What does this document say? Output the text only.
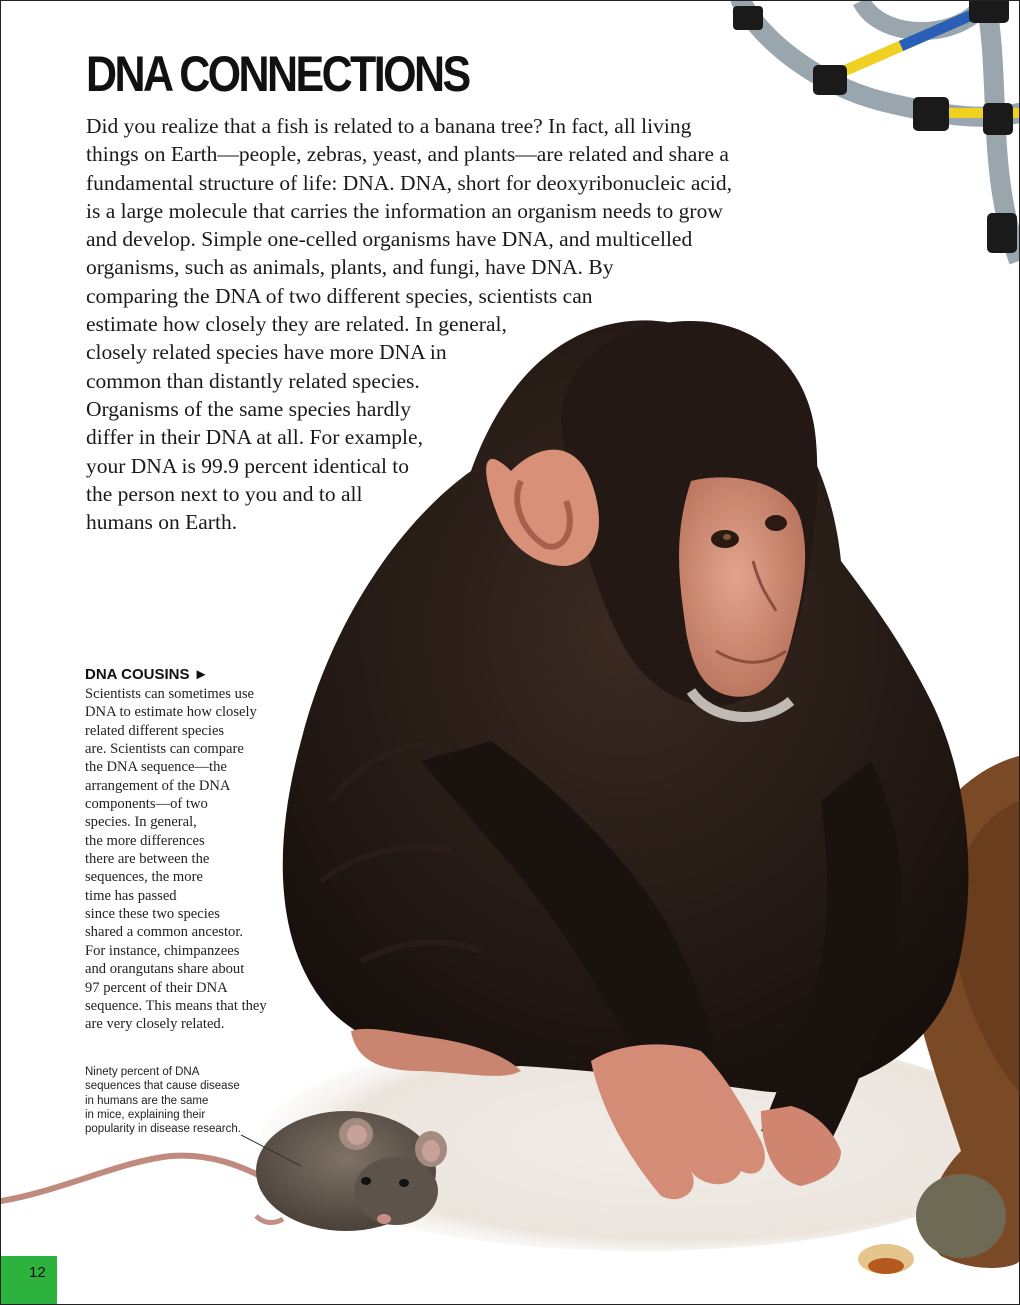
DNA CONNECTIONS
Did you realize that a fish is related to a banana tree? In fact, all living
things on Earth—people, zebras, yeast, and plants—are related and share a
fundamental structure of life: DNA. DNA, short for deoxyribonucleic acid,
is a large molecule that carries the information an organism needs to grow
and develop. Simple one-celled organisms have DNA, and multicelled
organisms, such as animals, plants, and fungi, have DNA. By
comparing the DNA of two different species, scientists can
estimate how closely they are related. In general,
closely related species have more DNA in
common than distantly related species.
Organisms of the same species hardly
differ in their DNA at all. For example,
your DNA is 99.9 percent identical to
the person next to you and to all
humans on Earth.
DNA COUSINS ►
Scientists can sometimes use
DNA to estimate how closely
related different species
are. Scientists can compare
the DNA sequence—the
arrangement of the DNA
components—of two
species. In general,
the more differences
there are between the
sequences, the more
time has passed
since these two species
shared a common ancestor.
For instance, chimpanzees
and orangutans share about
97 percent of their DNA
sequence. This means that they
are very closely related.
Ninety percent of DNA
sequences that cause disease
in humans are the same
in mice, explaining their
popularity in disease research.
12
